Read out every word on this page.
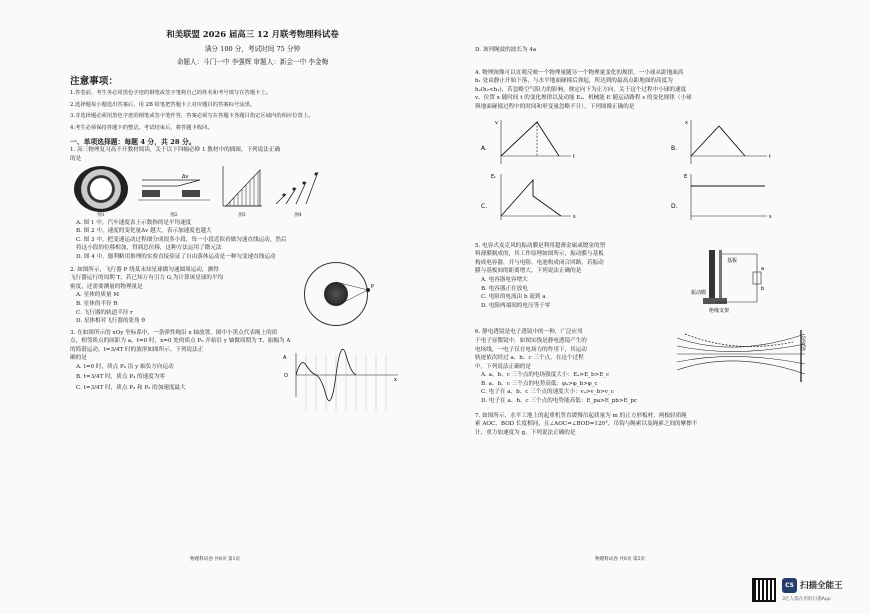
和美联盟 2026 届高三 12 月联考物理科试卷
满分 100 分，考试时间 75 分钟
命题人：斗门一中 李强辉 审题人：新会一中 李金梅
注意事项：
1.答卷前，考生务必用黑色字迹的钢笔或签字笔将自己的姓名和考号填写在答题卡上。
2.选择题每小题选出答案后，用 2B 铅笔把答题卡上对应题目的答案标号涂黑。
3.非选择题必须用黑色字迹的钢笔或签字笔作答，答案必须写在答题卡各题目指定区域内的相应位置上。
4.考生必须保持答题卡的整洁。考试结束后，将答题卡收回。
一、单项选择题：每题 4 分，共 28 分。
1. 高三物理复习高不开教材阅读，关于以下四幅必修 1 教材中的插图，下列说法正确
的是
图1
Δv
图2	图3	图4
A. 图 1 中，汽车速度表上示数指的是平均速度
B. 图 2 中，速度的变化量Δv 越大，表示加速度也越大
C. 图 3 中，把变速运动过程细分成很多小段，每一小段近似看做匀速直线运动，然后
将这小段的位移相加，得到总位移，这种方法运用了微元法
D. 图 4 中，伽利略用推理的实验直接验证了自由落体运动是一种匀变速直线运动
2. 如图所示，飞行器 P 绕某未知星球做匀速圆周运动，测得
飞行器运行的周期 T，若已知万有引力 G,为计算该星球的平均
密度，还需要测量的物理量是
A. 星体的质量 M
B. 星体的半径 R
C. 飞行器的轨道半径 r
D. 星体相对飞行器的张角 θ
P
3. 在如图所示的 xOy 坐标系中，一条弹性绳沿 x 轴放置，图中小黑点代表绳上的质
点，相邻质点的间距为 a，t=0 时，x=0 处的质点 P₀ 开始沿 y 轴做周期为 T、振幅为 A
的简谐运动。t=3/4T 时的波形如图所示。下列说法正
确的是
A. t=0 时，质点 P₀ 沿 y 轴负方向运动
B. t=3/4T 时，质点 P₄ 的速度为零
C. t=3/4T 时，质点 P₃ 和 P₅ 的加速度最大
O
A
x
物理科试卷 共6页 第1页
D. 该列绳波的波长为 4a
4. 物理图像可以直观反映一个物理量随另一个物理量变化的规律，一小球从距地面高
h₁ 处由静止开始下落，与水平地面碰撞后弹起，所达到的最高点距地面的高度为
h₂(h₂<h₁)，若忽略空气阻力的影响，规定向下为正方向，关于这个过程中小球的速度
v、位置 x 随时间 t 的变化规律以及动能 Eₖ、机械能 E 随运动路程 s 的变化规律（小球
與地面碰撞过程中的时间和形变量忽略不计）。下列图像正确的是
A.
v
t
B.
x
t
C.
Eₖ
s
D.
E
s
5. 电容式麦克风的振动膜是利用超薄金属或镀金的塑
料薄膜制成的，其工作原理如图所示，振动膜与基板
构成电容器，并与电阻、电池构成闭合回路，若振动
膜与基板间的距离增大，下列说法正确的是
A. 电容器电容增大
B. 电容器正在放电
C. 电阻的电流由 b 流到 a
D. 电阻两端间的电压等于零
基板
振动膜
绝缘支架
a
b
6. 静电透镜是电子透镜中的一种，广泛应用
于电子显微镜中。如图实线是静电透镜产生的
电场线，一电子仅在电场力的作用下，其运动
轨迹依次经过 a、b、c 三个点，在这个过程
中，下列说法正确的是
A. a、b、c 三个点的电场强度大小：Eₐ>E_b>E_c
B. a、b、c 三个点的电势高低：φₐ>φ_b>φ_c
C. 电子在 a、b、c 三个点的速度大小：vₐ>v_b>v_c
D. 电子在 a、b、c 三个点的电势能高低：E_pa>E_pb>E_pc
荧光屏
7. 如图所示，水平工地上的起重机竖直缓慢吊起质量为 m 的正方形板材，两根轻质绳
索 AOC、BOD 长度相同，且∠AOC=∠BOD=120°，吊钩与绳索以及绳索之间的摩擦不
计，重力加速度为 g，下列说法正确的是
物理科试卷 共6页 第2页
CS 扫描全能王
3亿人都在用的扫描App
